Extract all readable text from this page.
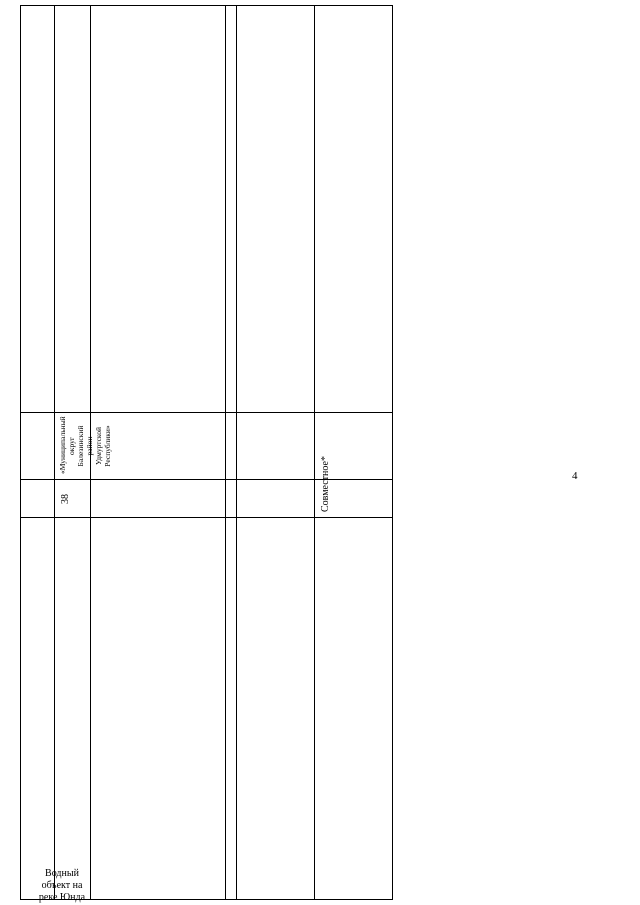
Водный объект на реке Юнда
«Муниципальный округ Балезинский район Удмуртской Республики»
38	Совместное*	4
